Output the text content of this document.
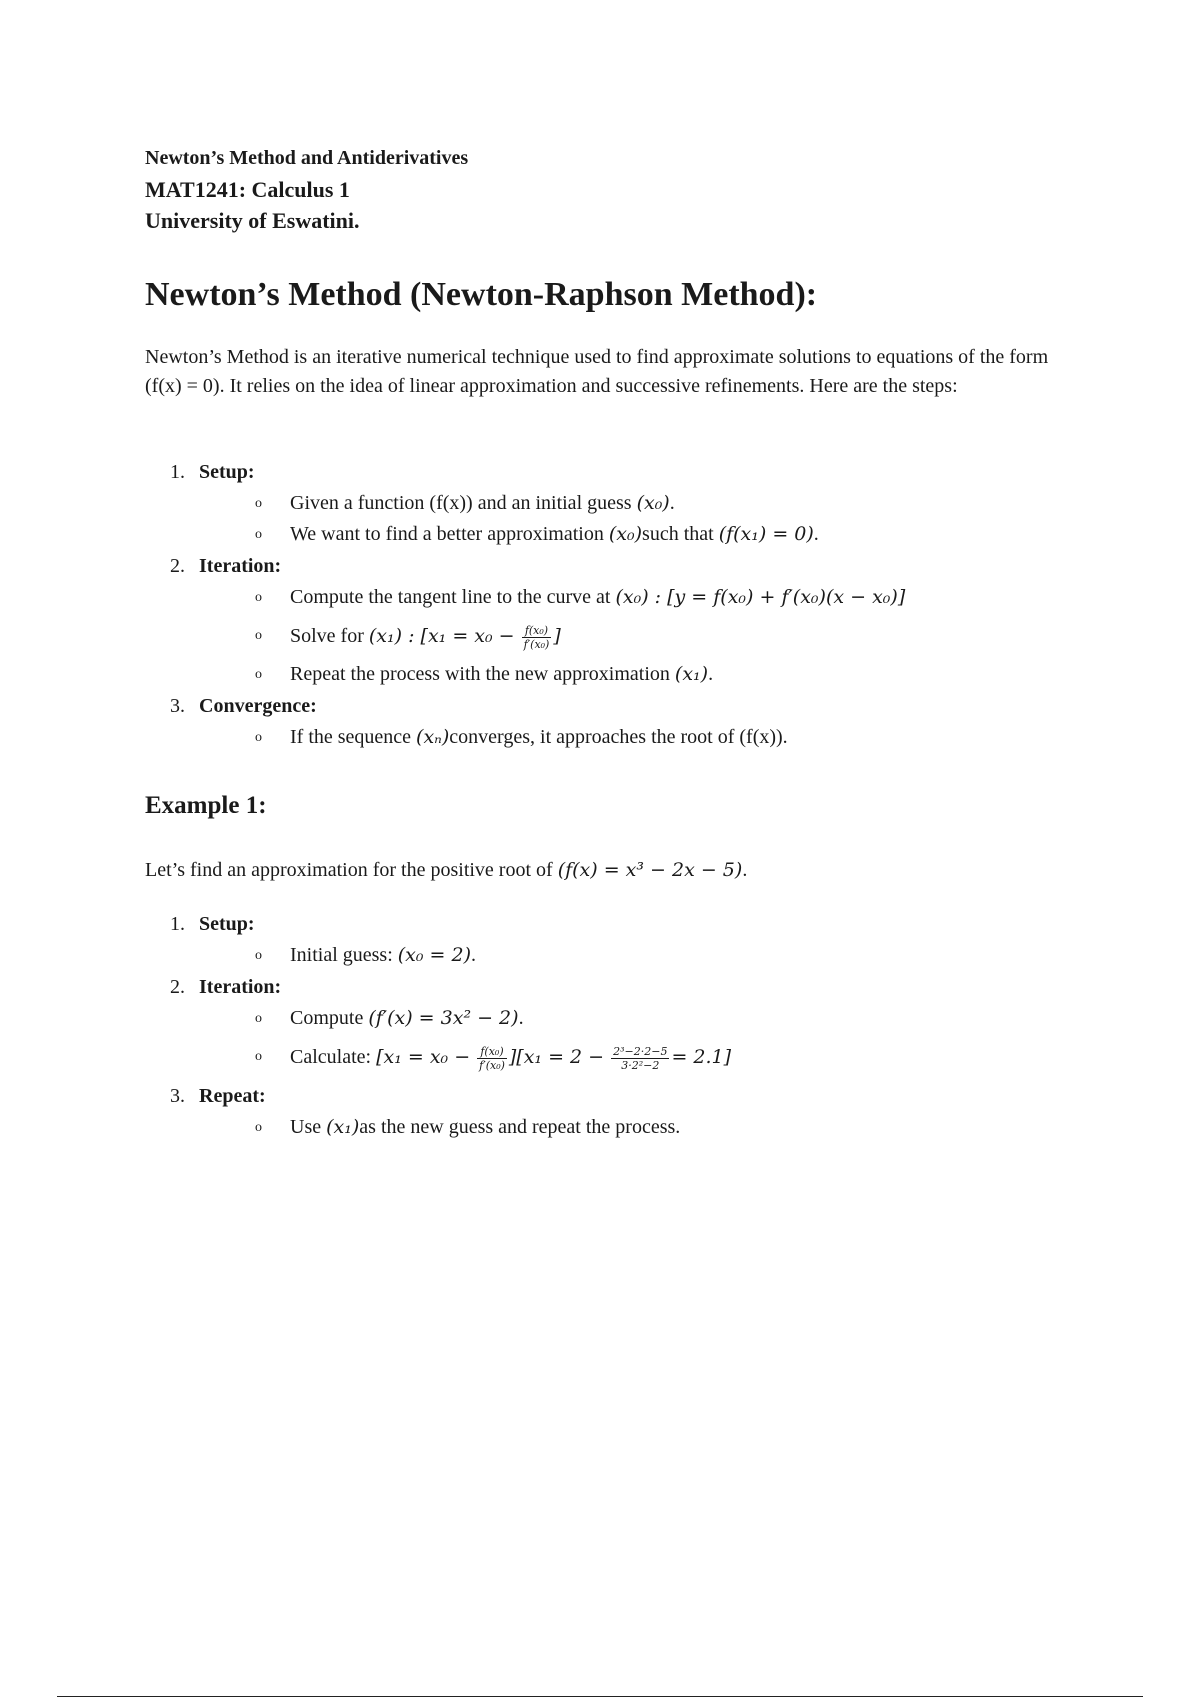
Newton’s Method and Antiderivatives
MAT1241: Calculus 1
University of Eswatini.
Newton’s Method (Newton-Raphson Method):

Newton’s Method is an iterative numerical technique used to find approximate solutions to equations of the form (f(x) = 0). It relies on the idea of linear approximation and successive refinements. Here are the steps:

1. Setup:
o Given a function (f(x)) and an initial guess (x₀).
o We want to find a better approximation (x₀)such that (f(x₁) = 0).
2. Iteration:
o Compute the tangent line to the curve at (x₀) : [y = f(x₀) + f′(x₀)(x − x₀)]
o Solve for (x₁) : [$x_1 = x_0 - \frac{\text{f(x₀)}}{\text{f′(x₀)}}$ ]
o Repeat the process with the new approximation (x₁).
3. Convergence:
o If the sequence (xₙ)converges, it approaches the root of (f(x)).
Example 1:

Let’s find an approximation for the positive root of (f(x) = x³ − 2x − 5).

1. Setup:
o Initial guess: (x₀ = 2).
2. Iteration:
o Compute (f′(x) = 3x² − 2).
o Calculate: $[x_1 = x_0 - \frac{\text{f(x₀)}}{\text{f′(x₀)}} ][x_1 = 2 - \frac{\text{2³−2·2−5}}{\text{3·2²−2}} = 2.1]$
3. Repeat:
o Use (x₁)as the new guess and repeat the process.
